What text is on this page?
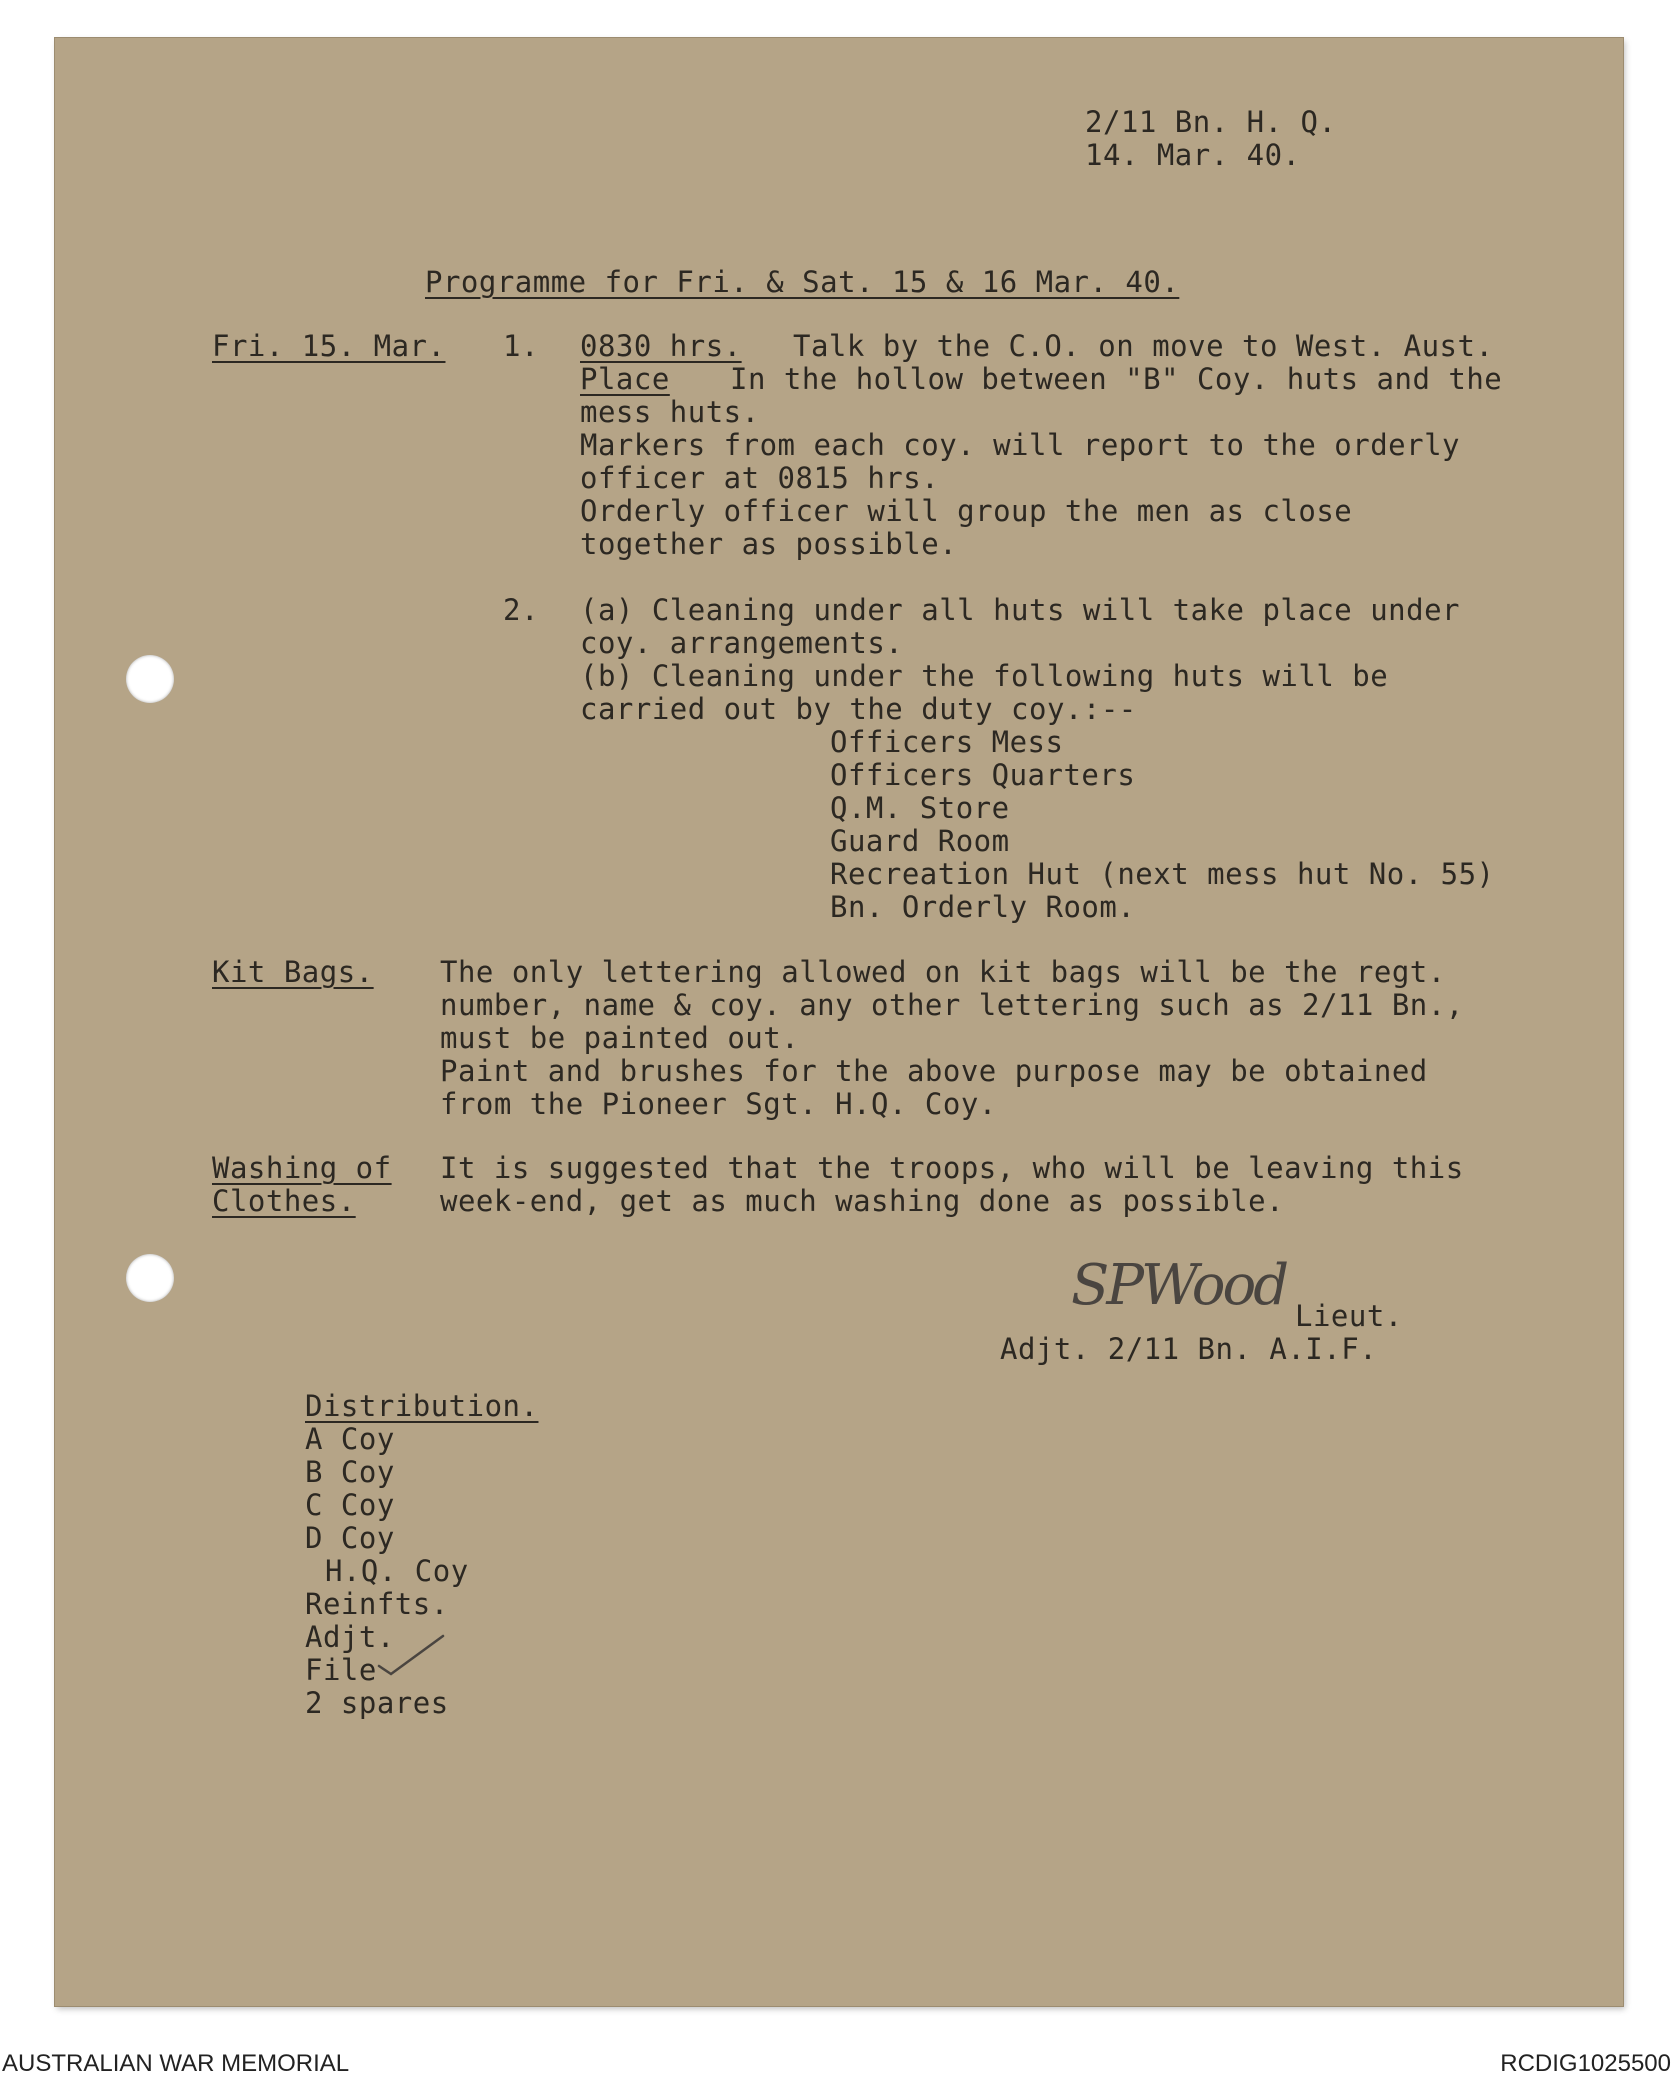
2/11 Bn. H. Q.
14. Mar. 40.
Programme for Fri. & Sat. 15 & 16 Mar. 40.
Fri. 15. Mar. 1. 0830 hrs. Talk by the C.O. on move to West. Aust.
Place In the hollow between "B" Coy. huts and the
mess huts.
Markers from each coy. will report to the orderly
officer at 0815 hrs.
Orderly officer will group the men as close
together as possible.
2. (a) Cleaning under all huts will take place under
coy. arrangements.
(b) Cleaning under the following huts will be
carried out by the duty coy.:--
Officers Mess
Officers Quarters
Q.M. Store
Guard Room
Recreation Hut (next mess hut No. 55)
Bn. Orderly Room.
Kit Bags. The only lettering allowed on kit bags will be the regt.
number, name & coy. any other lettering such as 2/11 Bn.,
must be painted out.
Paint and brushes for the above purpose may be obtained
from the Pioneer Sgt. H.Q. Coy.
Washing of
Clothes.
It is suggested that the troops, who will be leaving this
week-end, get as much washing done as possible.
SPWood Lieut.
Adjt. 2/11 Bn. A.I.F.
Distribution.
A Coy
B Coy
C Coy
D Coy
H.Q. Coy
Reinfts.
Adjt.
File
2 spares
AUSTRALIAN WAR MEMORIAL	RCDIG1025500
